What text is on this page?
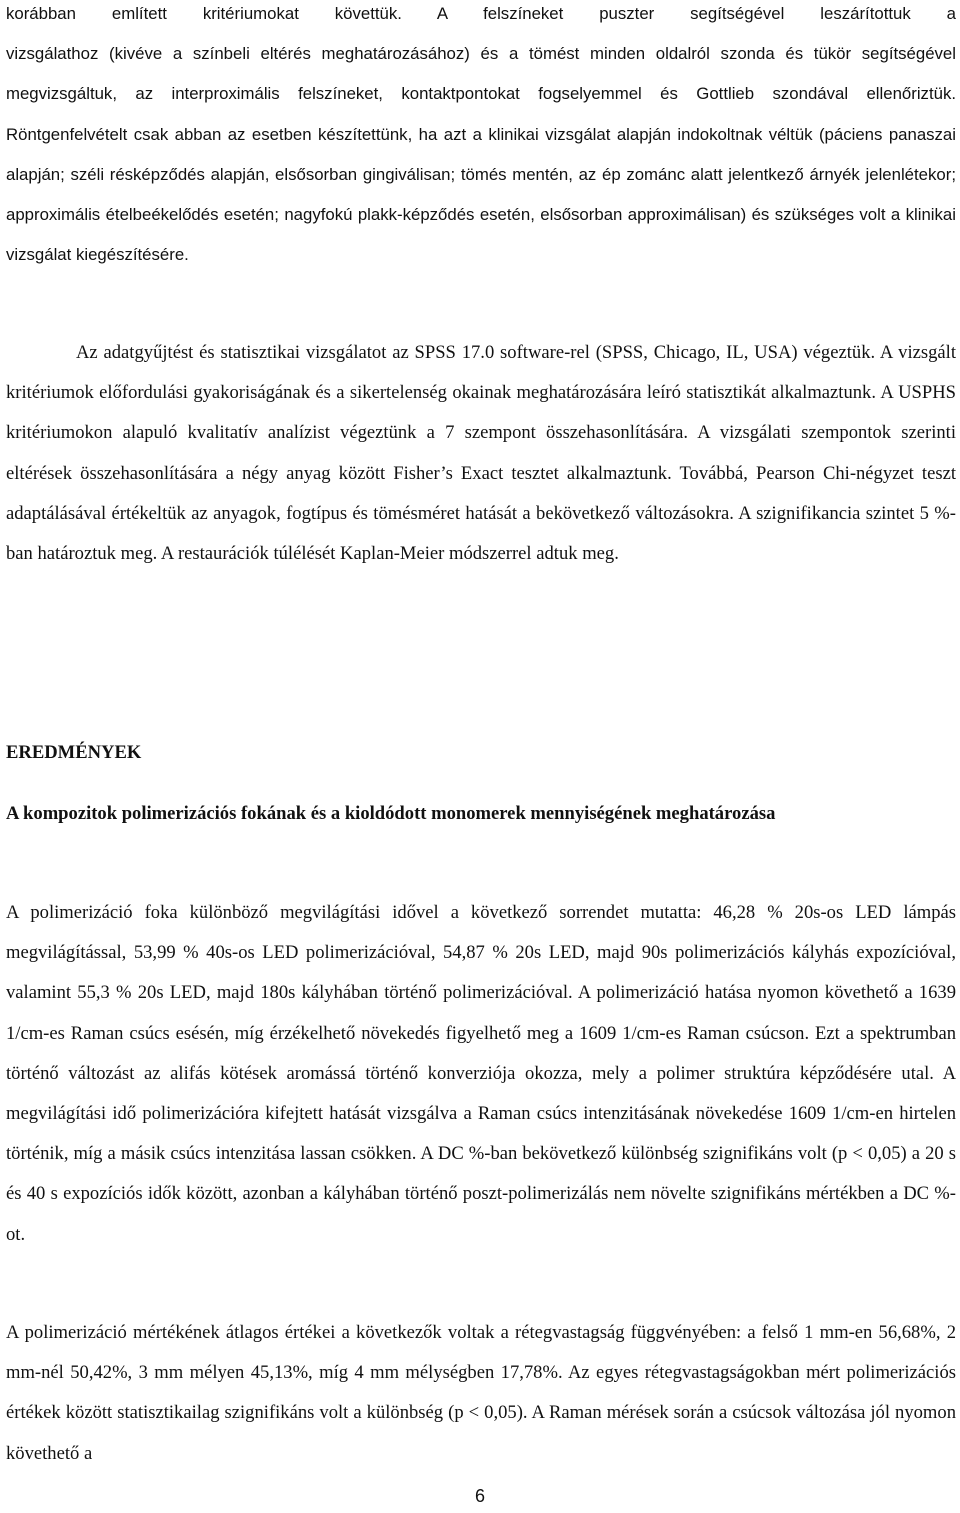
korábban említett kritériumokat követtük. A felszíneket puszter segítségével leszárítottuk a

vizsgálathoz (kivéve a színbeli eltérés meghatározásához) és a tömést minden oldalról szonda és tükör segítségével megvizsgáltuk, az interproximális felszíneket, kontaktpontokat fogselyemmel és Gottlieb szondával ellenőriztük. Röntgenfelvételt csak abban az esetben készítettünk, ha azt a klinikai vizsgálat alapján indokoltnak véltük (páciens panaszai alapján; széli résképződés alapján, elsősorban gingiválisan; tömés mentén, az ép zománc alatt jelentkező árnyék jelenlétekor; approximális ételbeékelődés esetén; nagyfokú plakk-képződés esetén, elsősorban approximálisan) és szükséges volt a klinikai vizsgálat kiegészítésére.

Az adatgyűjtést és statisztikai vizsgálatot az SPSS 17.0 software-rel (SPSS, Chicago, IL, USA) végeztük. A vizsgált kritériumok előfordulási gyakoriságának és a sikertelenség okainak meghatározására leíró statisztikát alkalmaztunk. A USPHS kritériumokon alapuló kvalitatív analízist végeztünk a 7 szempont összehasonlítására. A vizsgálati szempontok szerinti eltérések összehasonlítására a négy anyag között Fisher’s Exact tesztet alkalmaztunk. Továbbá, Pearson Chi-négyzet teszt adaptálásával értékeltük az anyagok, fogtípus és tömésméret hatását a bekövetkező változásokra. A szignifikancia szintet 5 %-ban határoztuk meg. A restaurációk túlélését Kaplan-Meier módszerrel adtuk meg.

EREDMÉNYEK
A kompozitok polimerizációs fokának és a kioldódott monomerek mennyiségének meghatározása

A polimerizáció foka különböző megvilágítási idővel a következő sorrendet mutatta: 46,28 % 20s-os LED lámpás megvilágítással, 53,99 % 40s-os LED polimerizációval, 54,87 % 20s LED, majd 90s polimerizációs kályhás expozícióval, valamint 55,3 % 20s LED, majd 180s kályhában történő polimerizációval. A polimerizáció hatása nyomon követhető a 1639 1/cm-es Raman csúcs esésén, míg érzékelhető növekedés figyelhető meg a 1609 1/cm-es Raman csúcson. Ezt a spektrumban történő változást az alifás kötések aromássá történő konverziója okozza, mely a polimer struktúra képződésére utal. A megvilágítási idő polimerizációra kifejtett hatását vizsgálva a Raman csúcs intenzitásának növekedése 1609 1/cm-en hirtelen történik, míg a másik csúcs intenzitása lassan csökken. A DC %-ban bekövetkező különbség szignifikáns volt (p < 0,05) a 20 s és 40 s expozíciós idők között, azonban a kályhában történő poszt-polimerizálás nem növelte szignifikáns mértékben a DC %-ot.

A polimerizáció mértékének átlagos értékei a következők voltak a rétegvastagság függvényében: a felső 1 mm-en 56,68%, 2 mm-nél 50,42%, 3 mm mélyen 45,13%, míg 4 mm mélységben 17,78%. Az egyes rétegvastagságokban mért polimerizációs értékek között statisztikailag szignifikáns volt a különbség (p < 0,05). A Raman mérések során a csúcsok változása jól nyomon követhető a

6
